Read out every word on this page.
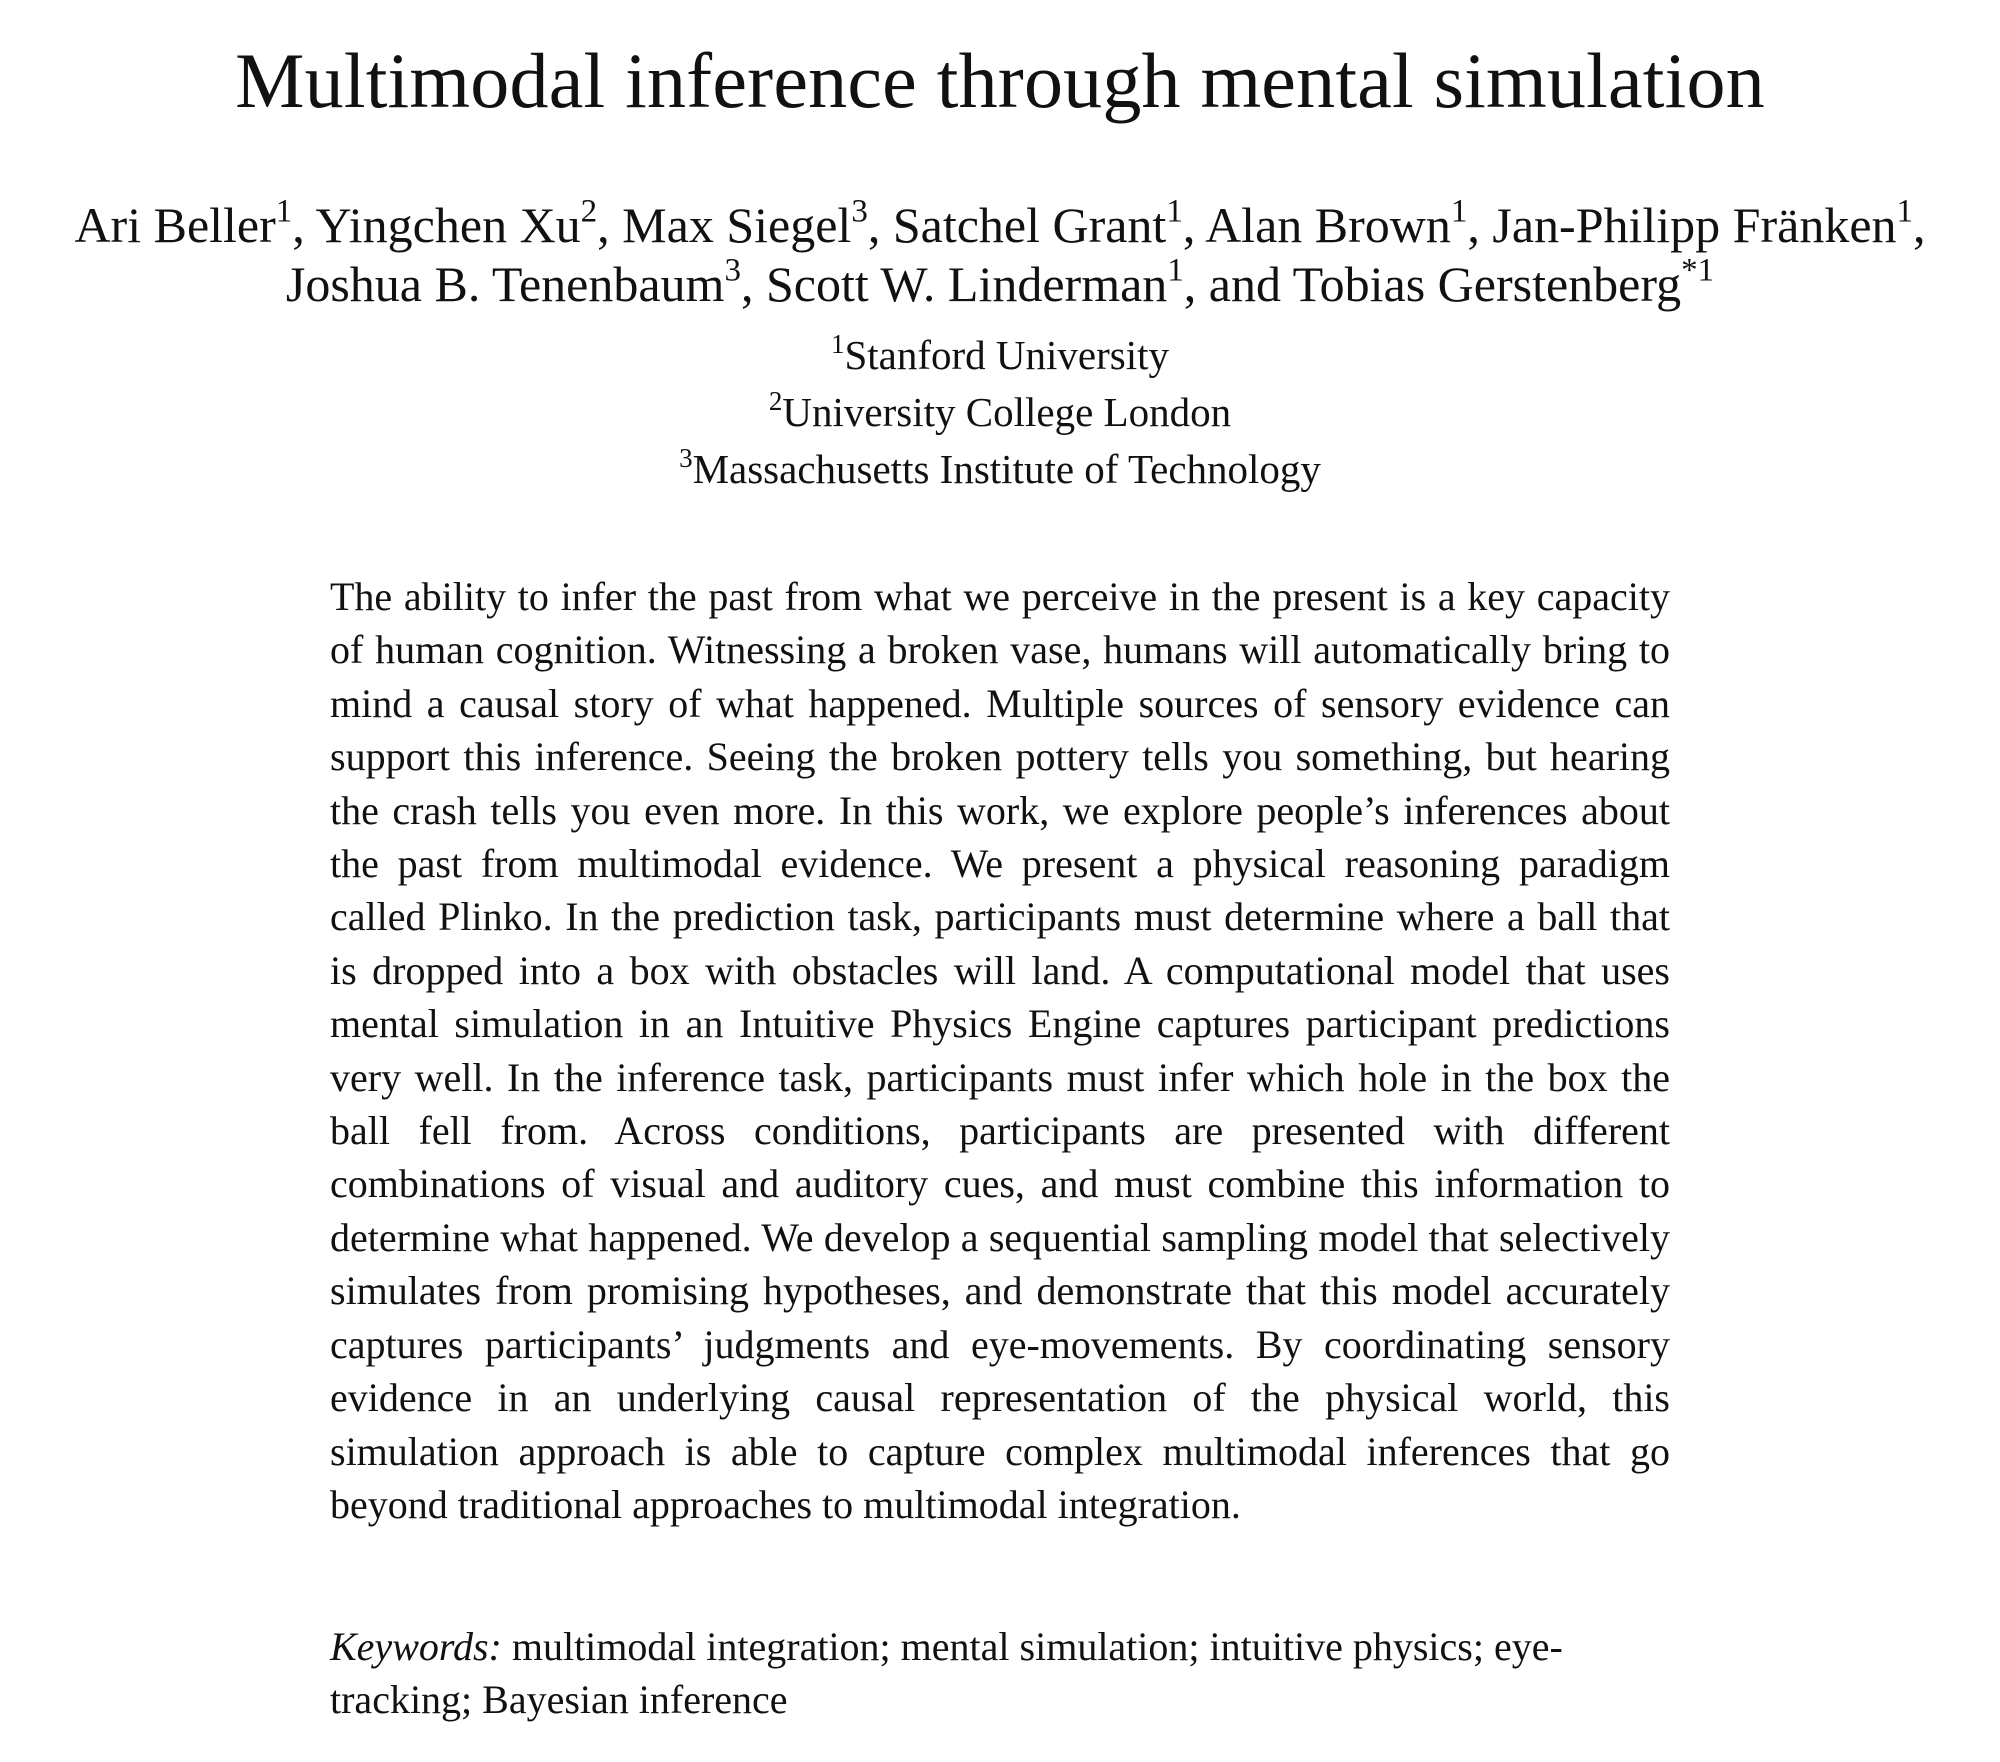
Multimodal inference through mental simulation
Ari Beller$^1$, Yingchen Xu$^2$, Max Siegel$^3$, Satchel Grant$^1$, Alan Brown$^1$, Jan-Philipp Fränken$^1$, Joshua B. Tenenbaum$^3$, Scott W. Linderman$^1$, and Tobias Gerstenberg$^{*1}$
$^1$Stanford University
$^2$University College London
$^3$Massachusetts Institute of Technology

The ability to infer the past from what we perceive in the present is a key capacity of human cognition. Witnessing a broken vase, humans will automatically bring to mind a causal story of what happened. Multiple sources of sensory evidence can support this inference. Seeing the broken pottery tells you something, but hearing the crash tells you even more. In this work, we explore people’s inferences about the past from multimodal evidence. We present a physical reasoning paradigm called Plinko. In the prediction task, participants must determine where a ball that is dropped into a box with obstacles will land. A computational model that uses mental simulation in an Intuitive Physics Engine captures participant predictions very well. In the inference task, participants must infer which hole in the box the ball fell from. Across conditions, participants are presented with different combinations of visual and auditory cues, and must combine this information to determine what happened. We develop a sequential sampling model that selectively simulates from promising hypotheses, and demonstrate that this model accurately captures participants’ judgments and eye-movements. By coordinating sensory evidence in an underlying causal representation of the physical world, this simulation approach is able to capture complex multimodal inferences that go beyond traditional approaches to multimodal integration.

Keywords: multimodal integration; mental simulation; intuitive physics; eye-tracking; Bayesian inference
